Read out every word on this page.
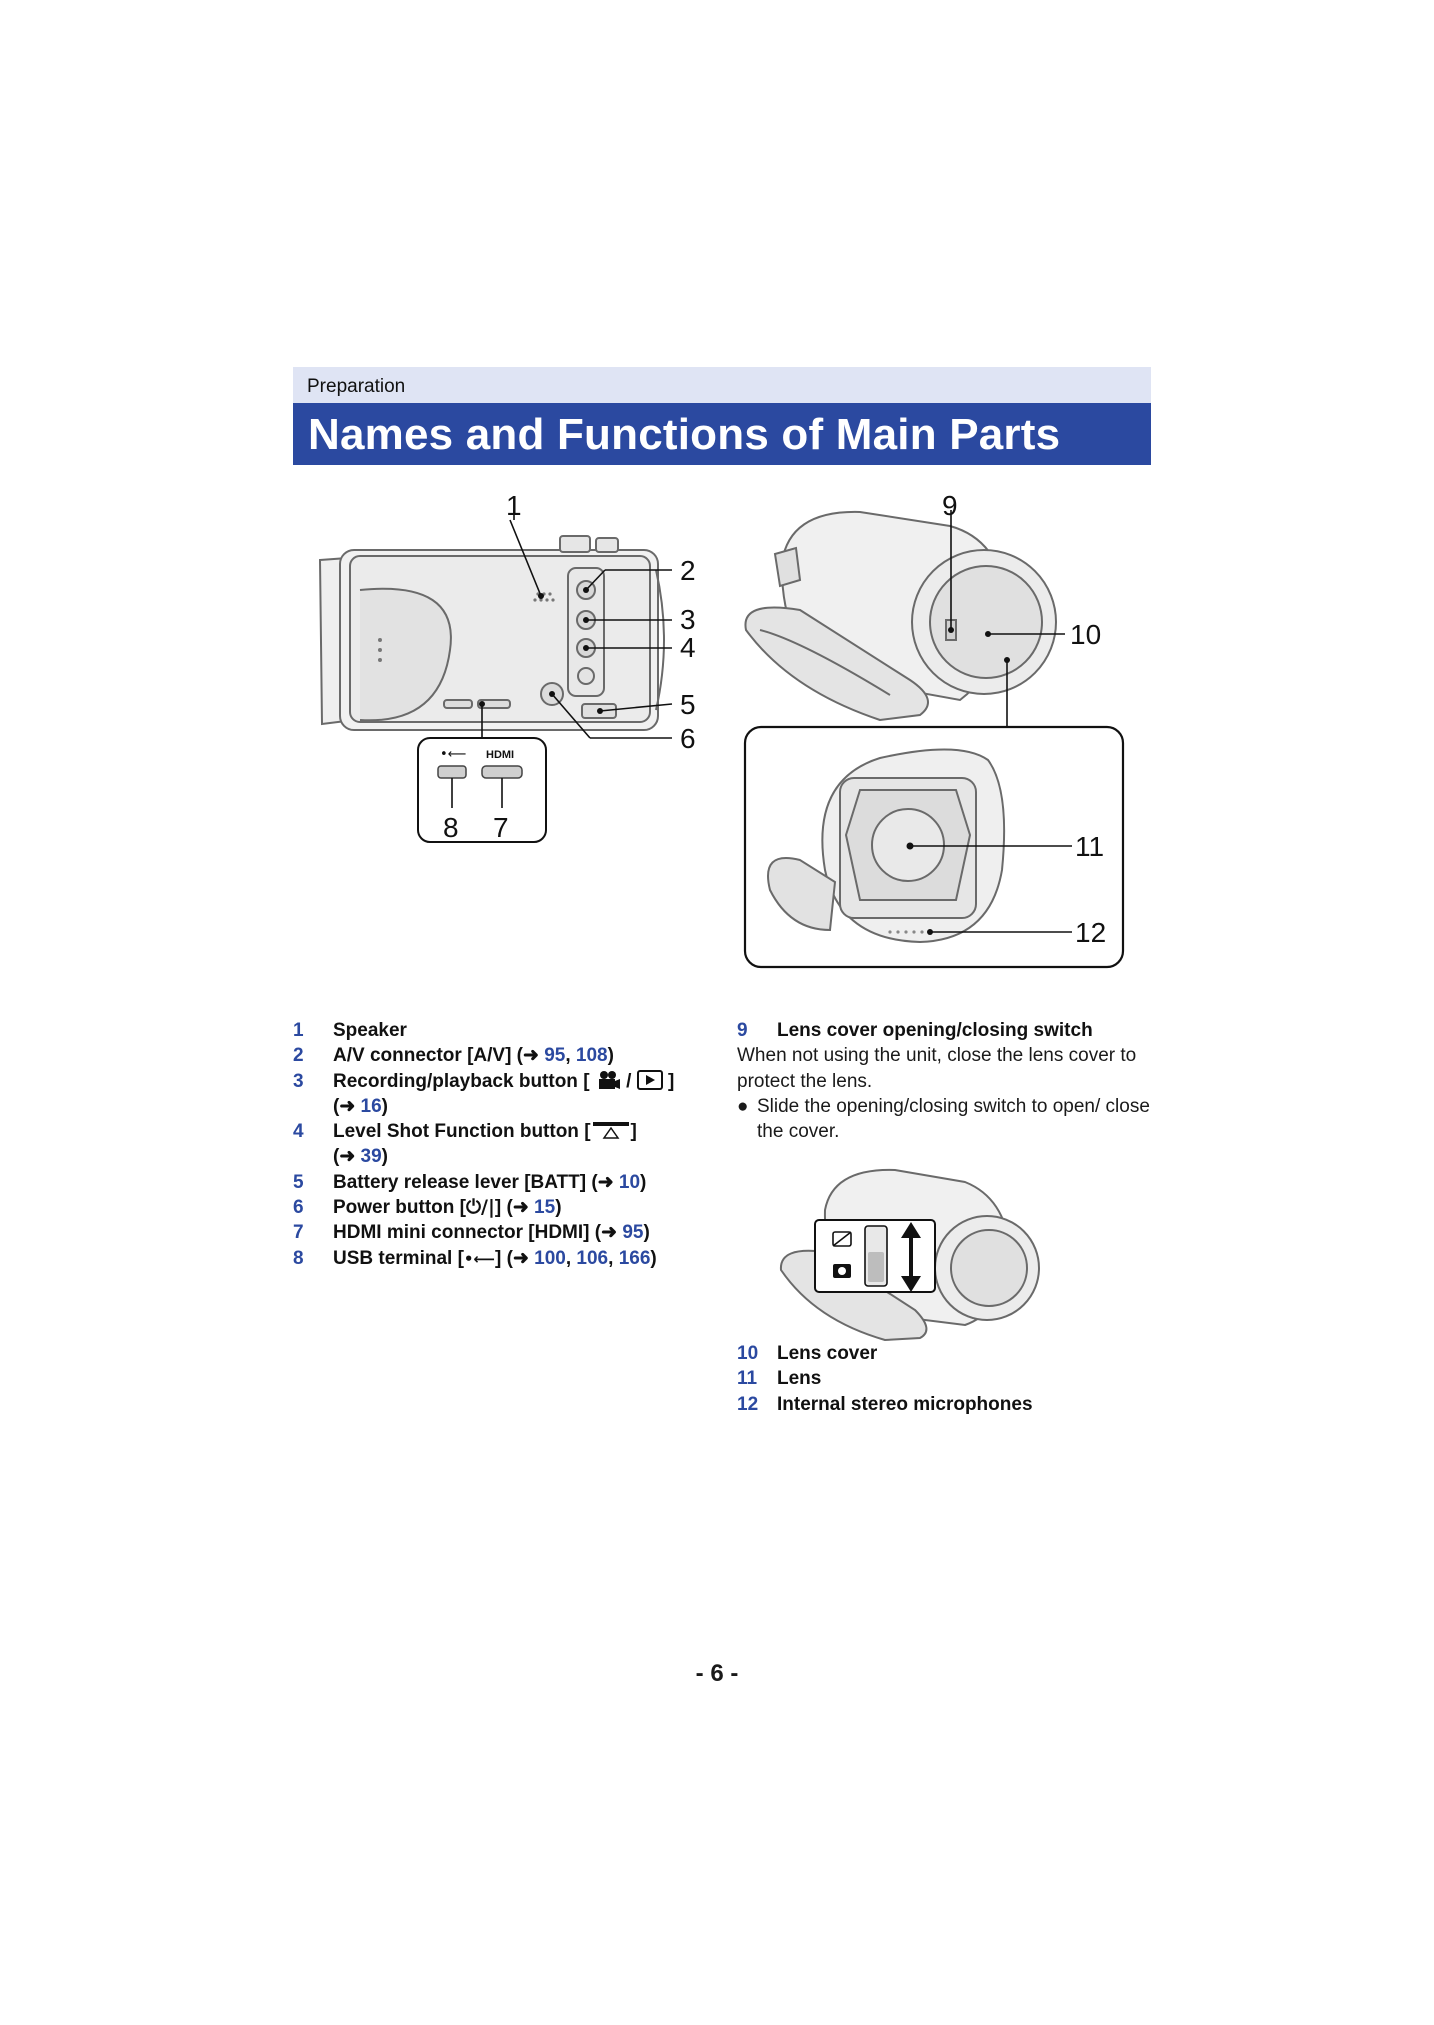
Preparation
Names and Functions of Main Parts
1
2
3
4
5
6
•⟵ HDMI
8 7
9
10
11
12
1	Speaker
2	A/V connector [A/V] (➜ 95, 108)
3	Recording/playback button [ / ]
(➜ 16)
4	Level Shot Function button [ ]
(➜ 39)
5	Battery release lever [BATT] (➜ 10)
6	Power button [⏻/|] (➜ 15)
7	HDMI mini connector [HDMI] (➜ 95)
8	USB terminal [•⟵] (➜ 100, 106, 166)
9	Lens cover opening/closing switch
When not using the unit, close the lens cover to protect the lens.
● Slide the opening/closing switch to open/ close the cover.
10 Lens cover
11	Lens
12 Internal stereo microphones
- 6 -
